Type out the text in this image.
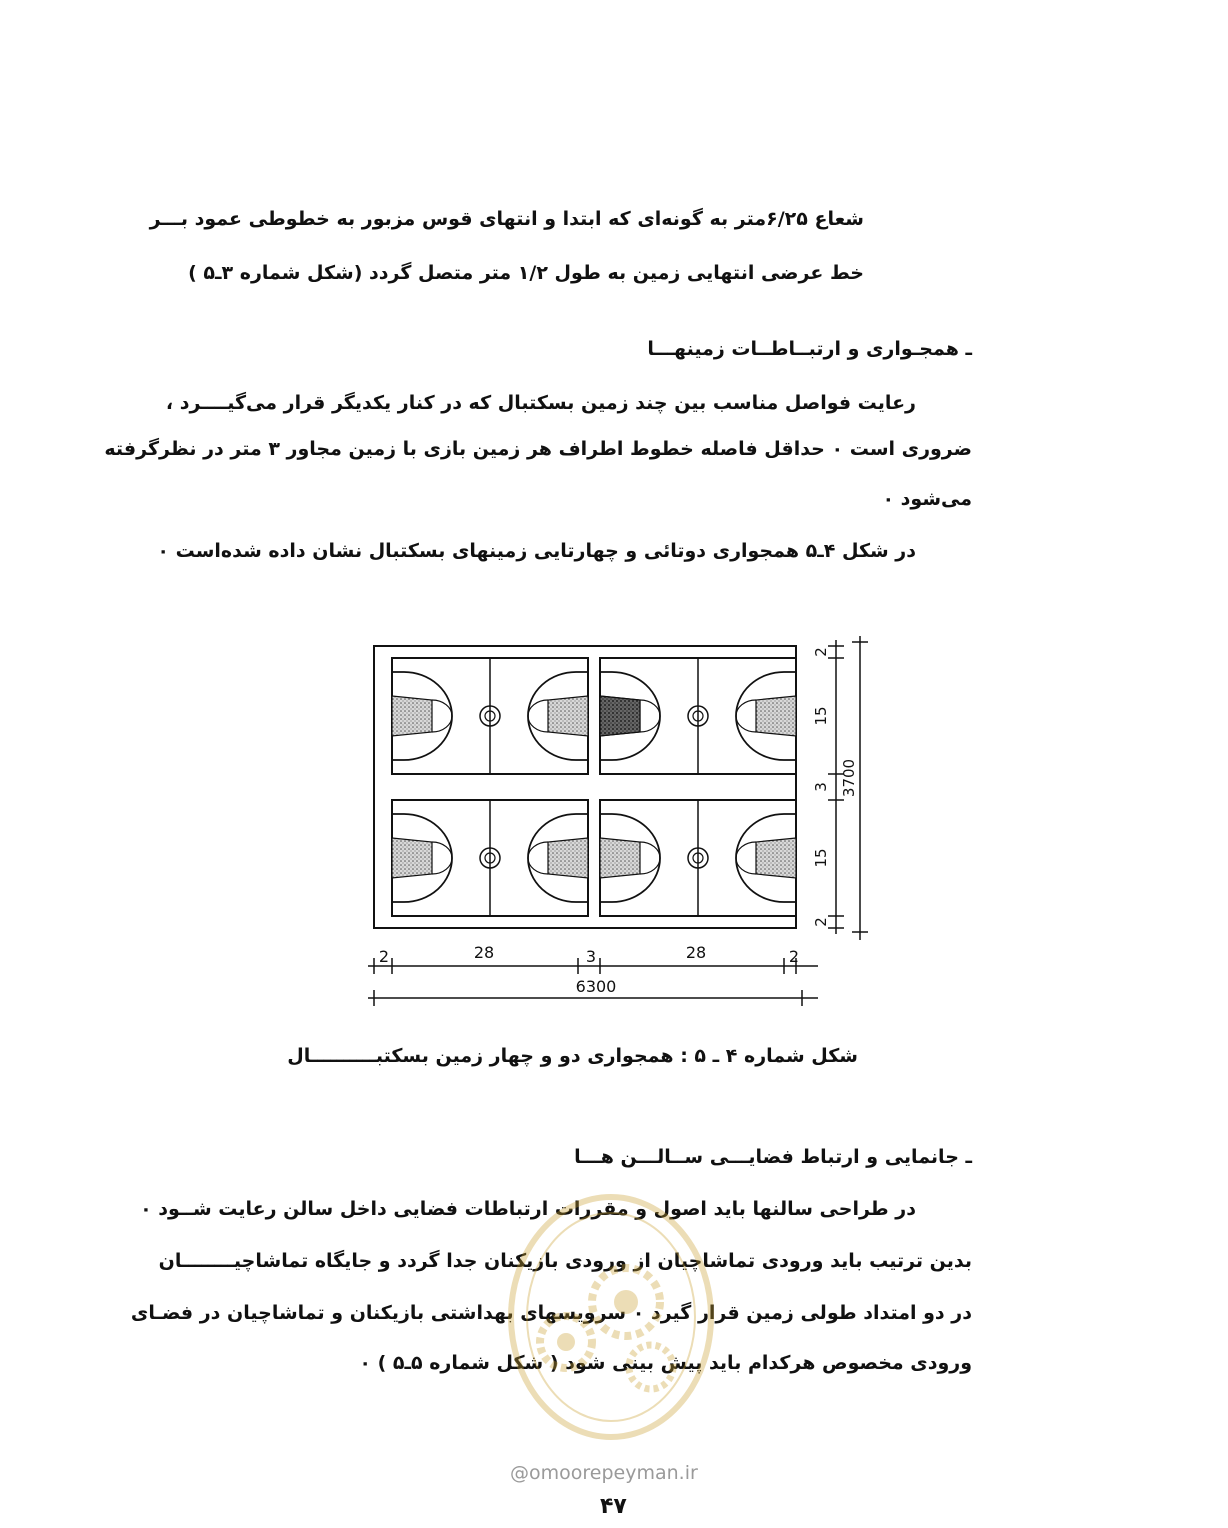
شعاع ۶/۲۵متر به گونه‌ای که ابتدا و انتهای قوس مزبور به خطوطی عمود بـــر
خط عرضی انتهایی زمین به طول ۱/۲ متر متصل گردد (شکل شماره ۳ـ۵ )
ـ همجـواری و ارتبــاطــات زمینهـــا
رعایت فواصل مناسب بین چند زمین بسکتبال که در کنار یکدیگر قرار می‌گیــــرد ،
ضروری است ۰ حداقل فاصله خطوط اطراف هر زمین بازی با زمین مجاور ۳ متر در نظرگرفته
می‌شود ۰
در شکل ۴ـ۵ همجواری دوتائی و چهارتایی زمینهای بسکتبال نشان داده شده‌است ۰
2
15
3
15
2
3700
2	28	3	28	2
6300
شکل شماره ۴ ـ ۵ : همجواری دو و چهار زمین بسکتبــــــــــال
ـ جانمایی و ارتباط فضایـــی ســالـــن هـــا
در طراحی سالنها باید اصول و مقررات ارتباطات فضایی داخل سالن رعایت شــود ۰
بدین ترتیب باید ورودی تماشاچیان از ورودی بازیکنان جدا گردد و جایگاه تماشاچیــــــــان
در دو امتداد طولی زمین قرار گیرد ۰ سرویسهای بهداشتی بازیکنان و تماشاچیان در فضـای
ورودی مخصوص هرکدام باید پیش بینی شود ( شکل شماره ۵ـ۵ ) ۰
@omoorepeyman.ir
۴۷
